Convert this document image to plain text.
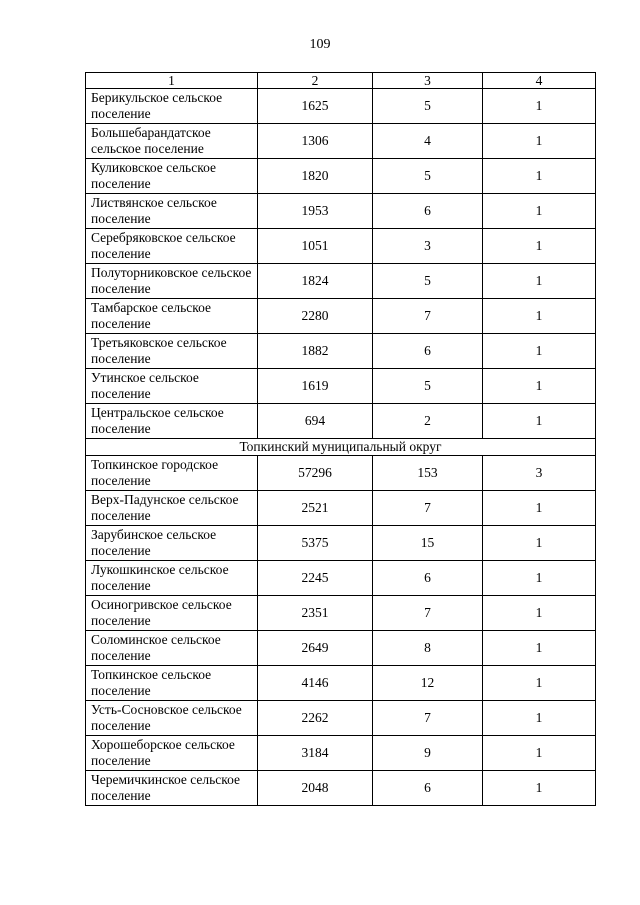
109
1	2	3	4
Берикульское сельское поселение	1625	5	1
Большебарандатское сельское поселение	1306	4	1
Куликовское сельское поселение	1820	5	1
Листвянское сельское поселение	1953	6	1
Серебряковское сельское поселение	1051	3	1
Полуторниковское сельское поселение	1824	5	1
Тамбарское сельское поселение	2280	7	1
Третьяковское сельское поселение	1882	6	1
Утинское сельское поселение	1619	5	1
Центральское сельское поселение	694	2	1
Топкинский муниципальный округ			
Топкинское городское поселение	57296	153	3
Верх-Падунское сельское поселение	2521	7	1
Зарубинское сельское поселение	5375	15	1
Лукошкинское сельское поселение	2245	6	1
Осиногривское сельское поселение	2351	7	1
Соломинское сельское поселение	2649	8	1
Топкинское сельское поселение	4146	12	1
Усть-Сосновское сельское поселение	2262	7	1
Хорошеборское сельское поселение	3184	9	1
Черемичкинское сельское поселение	2048	6	1
